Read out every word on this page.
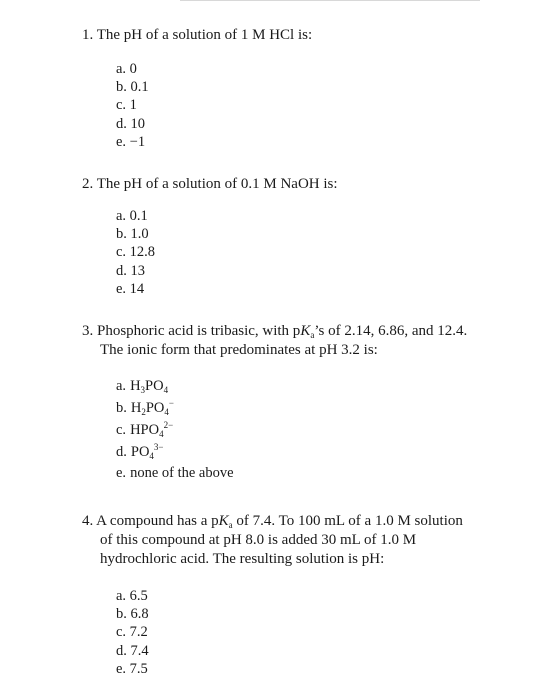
1. The pH of a solution of 1 M HCl is:
a. 0
b. 0.1
c. 1
d. 10
e. −1
2. The pH of a solution of 0.1 M NaOH is:
a. 0.1
b. 1.0
c. 12.8
d. 13
e. 14
3. Phosphoric acid is tribasic, with $pK_a’s$ of 2.14, 6.86, and 12.4.
The ionic form that predominates at pH 3.2 is:
a. $H_3PO_4$
b. $H_2PO_4^-$
c. $HPO_4^{2-}$
d. $PO_4^{3-}$
e. none of the above
4. A compound has a $pK_a$ of 7.4. To 100 mL of a 1.0 M solution
of this compound at pH 8.0 is added 30 mL of 1.0 M
hydrochloric acid. The resulting solution is pH:
a. 6.5
b. 6.8
c. 7.2
d. 7.4
e. 7.5
